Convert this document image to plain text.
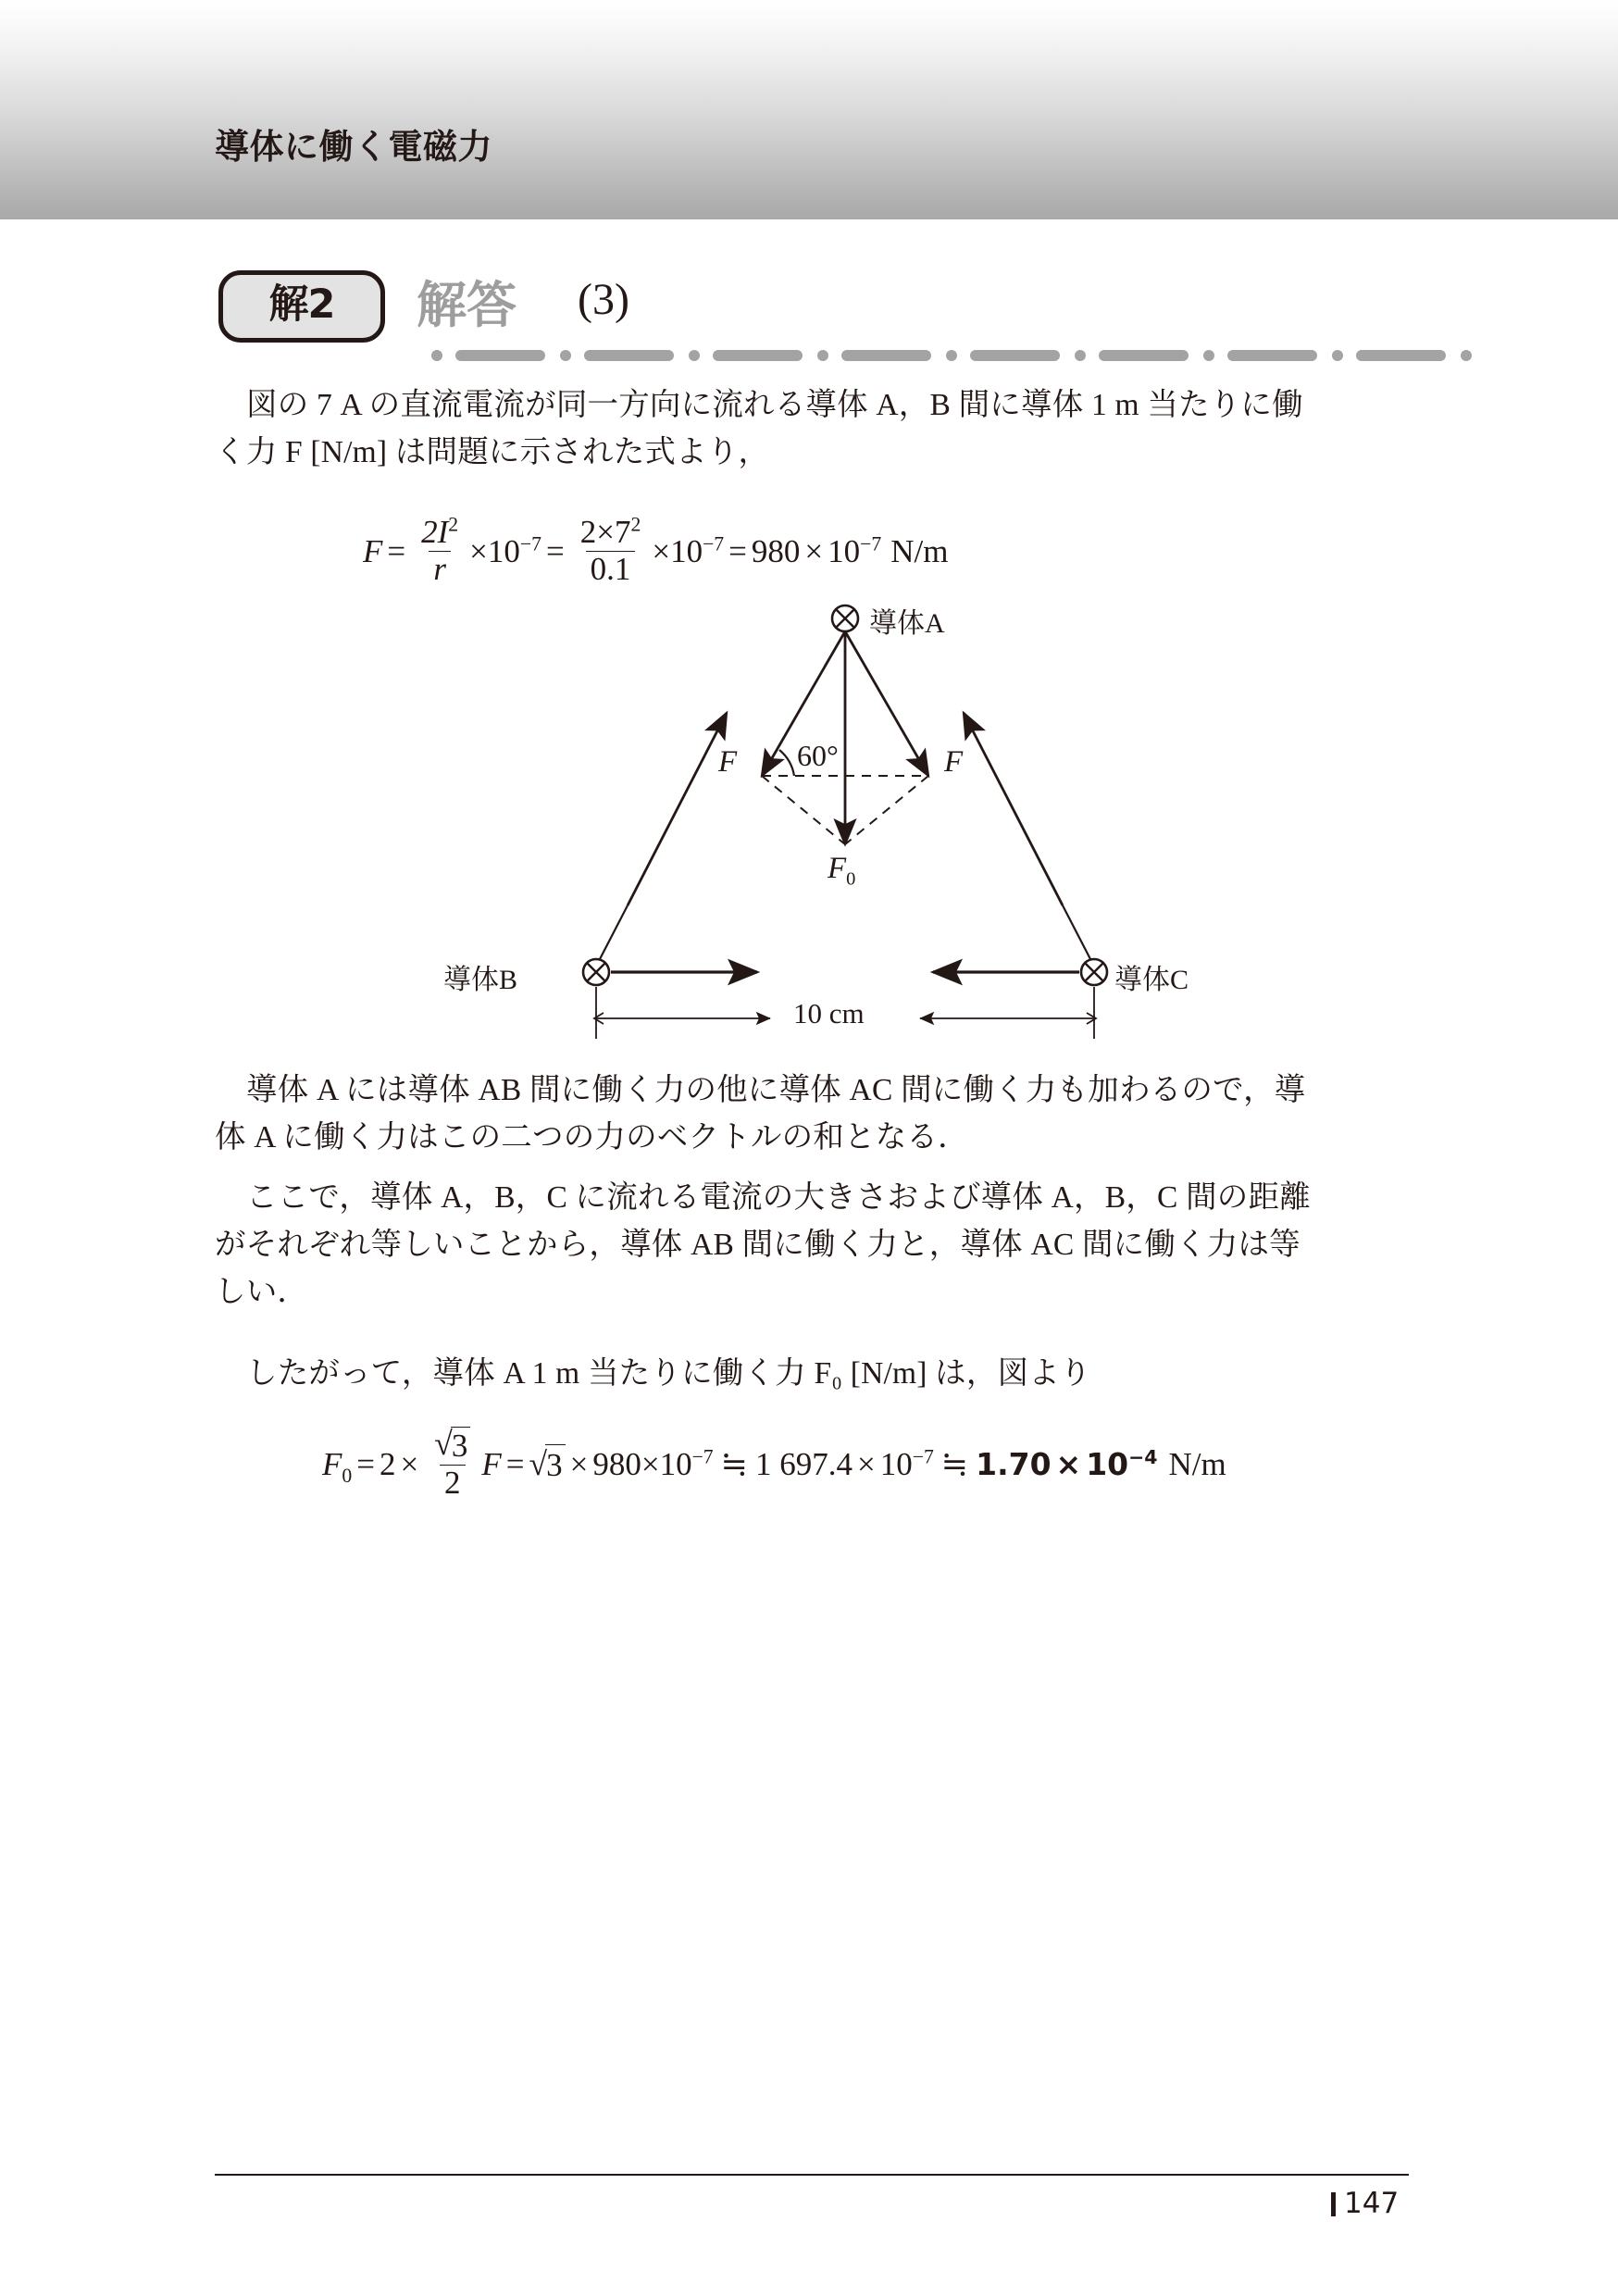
導体に働く電磁力
解2	解答 (3)
図の 7 A の直流電流が同一方向に流れる導体 A，B 間に導体 1 m 当たりに働
く力 F [N/m] は問題に示された式より，
$F = \frac{2I^2}{r} \times 10^{-7} = \frac{2\times 7^2}{0.1} \times 10^{-7} = 980 \times 10^{-7}$ N/m
導体A
導体B	導体C
F	F
60°
$F_0$
10 cm
導体 A には導体 AB 間に働く力の他に導体 AC 間に働く力も加わるので，導
体 A に働く力はこの二つの力のベクトルの和となる．
ここで，導体 A，B，C に流れる電流の大きさおよび導体 A，B，C 間の距離
がそれぞれ等しいことから，導体 AB 間に働く力と，導体 AC 間に働く力は等
しい．
したがって，導体 A 1 m 当たりに働く力 F₀ [N/m] は，図より
$F_0 = 2 \times \frac{√ 3}{2}$ F = √ $3 \times 980 \times 10^{-7}$ ≒ 1 $697.4 \times 10^{-7}$ ≒ $1.70 \times 10^{-4}$ N/m
147
